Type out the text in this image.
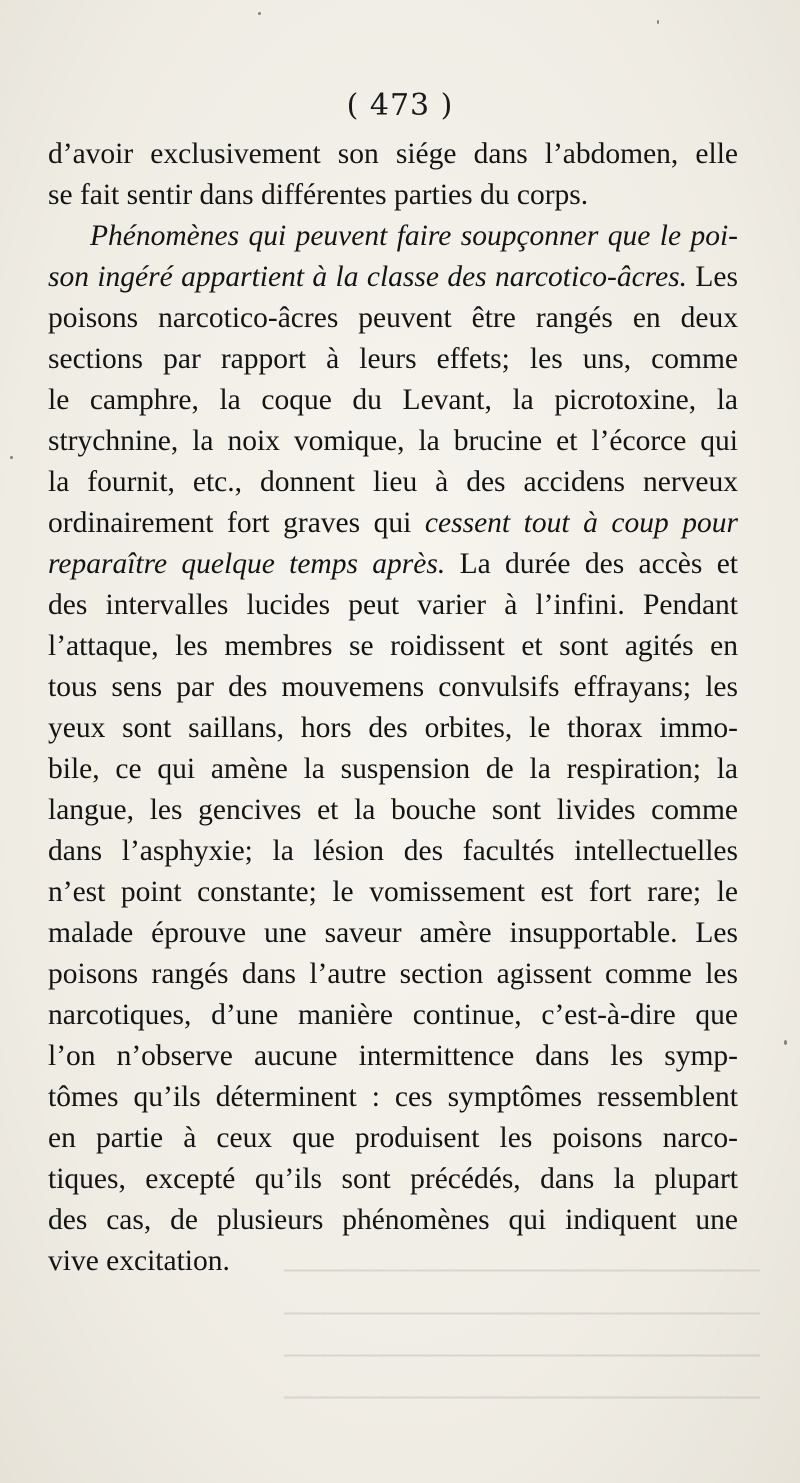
────────────────────────
────────────────────────
────────────────────────
────────────────────────
( 473 )
d’avoir exclusivement son siége dans l’abdomen, elle
se fait sentir dans différentes parties du corps.
Phénomènes qui peuvent faire soupçonner que le poi-
son ingéré appartient à la classe des narcotico-âcres. Les
poisons narcotico-âcres peuvent être rangés en deux
sections par rapport à leurs effets; les uns, comme
le camphre, la coque du Levant, la picrotoxine, la
strychnine, la noix vomique, la brucine et l’écorce qui
la fournit, etc., donnent lieu à des accidens nerveux
ordinairement fort graves qui cessent tout à coup pour
reparaître quelque temps après. La durée des accès et
des intervalles lucides peut varier à l’infini. Pendant
l’attaque, les membres se roidissent et sont agités en
tous sens par des mouvemens convulsifs effrayans; les
yeux sont saillans, hors des orbites, le thorax immo-
bile, ce qui amène la suspension de la respiration; la
langue, les gencives et la bouche sont livides comme
dans l’asphyxie; la lésion des facultés intellectuelles
n’est point constante; le vomissement est fort rare; le
malade éprouve une saveur amère insupportable. Les
poisons rangés dans l’autre section agissent comme les
narcotiques, d’une manière continue, c’est-à-dire que
l’on n’observe aucune intermittence dans les symp-
tômes qu’ils déterminent : ces symptômes ressemblent
en partie à ceux que produisent les poisons narco-
tiques, excepté qu’ils sont précédés, dans la plupart
des cas, de plusieurs phénomènes qui indiquent une
vive excitation.
